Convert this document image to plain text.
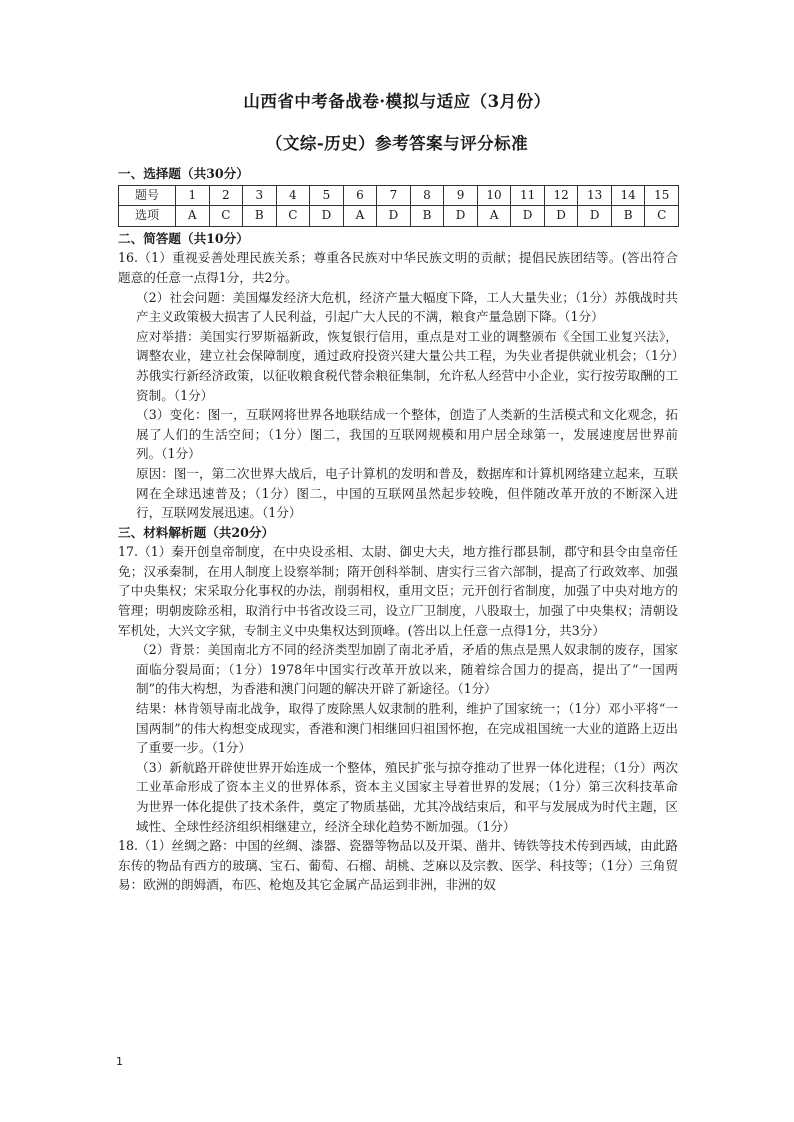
山西省中考备战卷·模拟与适应（3月份）
（文综-历史）参考答案与评分标准

一、选择题（共30分）

题号	1	2	3	4	5	6	7	8	9	10	11	12	13	14	15
选项	A	C	B	C	D	A	D	B	D	A	D	D	D	B	C

二、简答题（共10分）

16.（1）重视妥善处理民族关系；尊重各民族对中华民族文明的贡献；提倡民族团结等。(答出符合题意的任意一点得1分，共2分。

（2）社会问题：美国爆发经济大危机，经济产量大幅度下降，工人大量失业；（1分）苏俄战时共产主义政策极大损害了人民利益，引起广大人民的不满，粮食产量急剧下降。（1分）

应对举措：美国实行罗斯福新政，恢复银行信用，重点是对工业的调整颁布《全国工业复兴法》，调整农业，建立社会保障制度，通过政府投资兴建大量公共工程，为失业者提供就业机会；（1分）苏俄实行新经济政策，以征收粮食税代替余粮征集制，允许私人经营中小企业，实行按劳取酬的工资制。（1分）

（3）变化：图一，互联网将世界各地联结成一个整体，创造了人类新的生活模式和文化观念，拓展了人们的生活空间；（1分）图二，我国的互联网规模和用户居全球第一，发展速度居世界前列。（1分）

原因：图一，第二次世界大战后，电子计算机的发明和普及，数据库和计算机网络建立起来，互联网在全球迅速普及；（1分）图二，中国的互联网虽然起步较晚，但伴随改革开放的不断深入进行，互联网发展迅速。（1分）

三、材料解析题（共20分）

17.（1）秦开创皇帝制度，在中央设丞相、太尉、御史大夫，地方推行郡县制，郡守和县令由皇帝任免；汉承秦制，在用人制度上设察举制；隋开创科举制、唐实行三省六部制，提高了行政效率、加强了中央集权；宋采取分化事权的办法，削弱相权，重用文臣；元开创行省制度，加强了中央对地方的管理；明朝废除丞相，取消行中书省改设三司，设立厂卫制度，八股取士，加强了中央集权；清朝设军机处，大兴文字狱，专制主义中央集权达到顶峰。(答出以上任意一点得1分，共3分）

（2）背景：美国南北方不同的经济类型加剧了南北矛盾，矛盾的焦点是黑人奴隶制的废存，国家面临分裂局面；（1分）1978年中国实行改革开放以来，随着综合国力的提高，提出了“一国两制”的伟大构想，为香港和澳门问题的解决开辟了新途径。（1分）

结果：林肯领导南北战争，取得了废除黑人奴隶制的胜利，维护了国家统一；（1分）邓小平将“一国两制”的伟大构想变成现实，香港和澳门相继回归祖国怀抱，在完成祖国统一大业的道路上迈出了重要一步。（1分）

（3）新航路开辟使世界开始连成一个整体，殖民扩张与掠夺推动了世界一体化进程；（1分）两次工业革命形成了资本主义的世界体系，资本主义国家主导着世界的发展；（1分）第三次科技革命为世界一体化提供了技术条件，奠定了物质基础，尤其冷战结束后，和平与发展成为时代主题，区域性、全球性经济组织相继建立，经济全球化趋势不断加强。（1分）

18.（1）丝绸之路：中国的丝绸、漆器、瓷器等物品以及开渠、凿井、铸铁等技术传到西域，由此路东传的物品有西方的玻璃、宝石、葡萄、石榴、胡桃、芝麻以及宗教、医学、科技等；（1分）三角贸易：欧洲的朗姆酒，布匹、枪炮及其它金属产品运到非洲，非洲的奴

1
